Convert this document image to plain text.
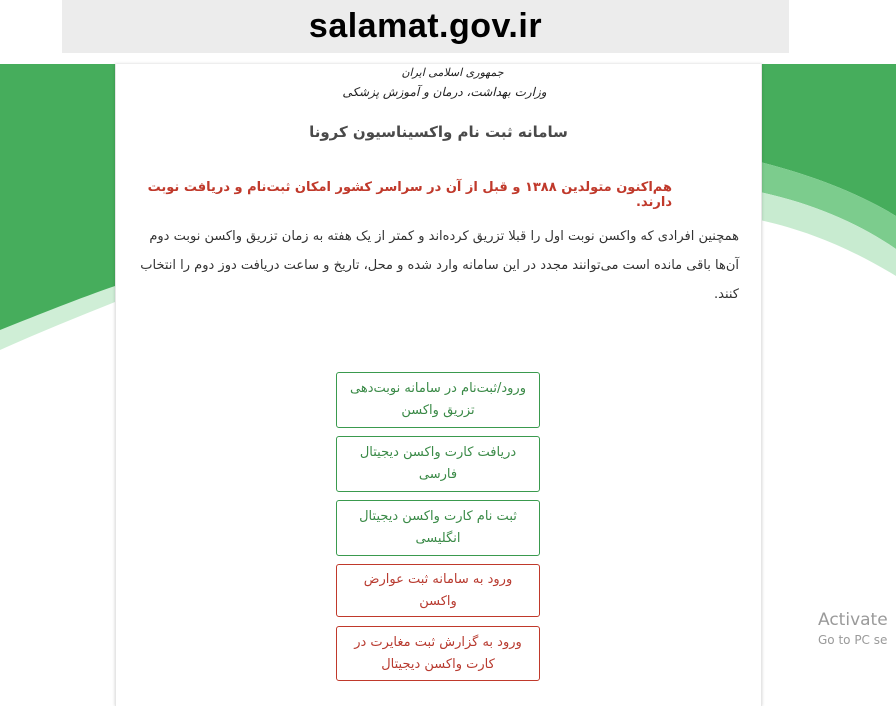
salamat.gov.ir
جمهوری اسلامی ایران
وزارت بهداشت، درمان و آموزش پزشکی
سامانه ثبت نام واکسیناسیون کرونا
هم‌اکنون متولدین ۱۳۸۸ و قبل از آن در سراسر کشور امکان ثبت‌نام و دریافت نوبت دارند.
همچنین افرادی که واکسن نوبت اول را قبلا تزریق کرده‌اند و کمتر از یک هفته به زمان تزریق واکسن نوبت دوم آن‌ها باقی مانده است می‌توانند مجدد در این سامانه وارد شده و محل، تاریخ و ساعت دریافت دوز دوم را انتخاب کنند.
ورود/ثبت‌نام در سامانه نوبت‌دهی تزریق واکسن
دریافت کارت واکسن دیجیتال فارسی
ثبت نام کارت واکسن دیجیتال انگلیسی
ورود به سامانه ثبت عوارض واکسن
ورود به گزارش ثبت مغایرت در کارت واکسن دیجیتال
Activate
Go to PC se
